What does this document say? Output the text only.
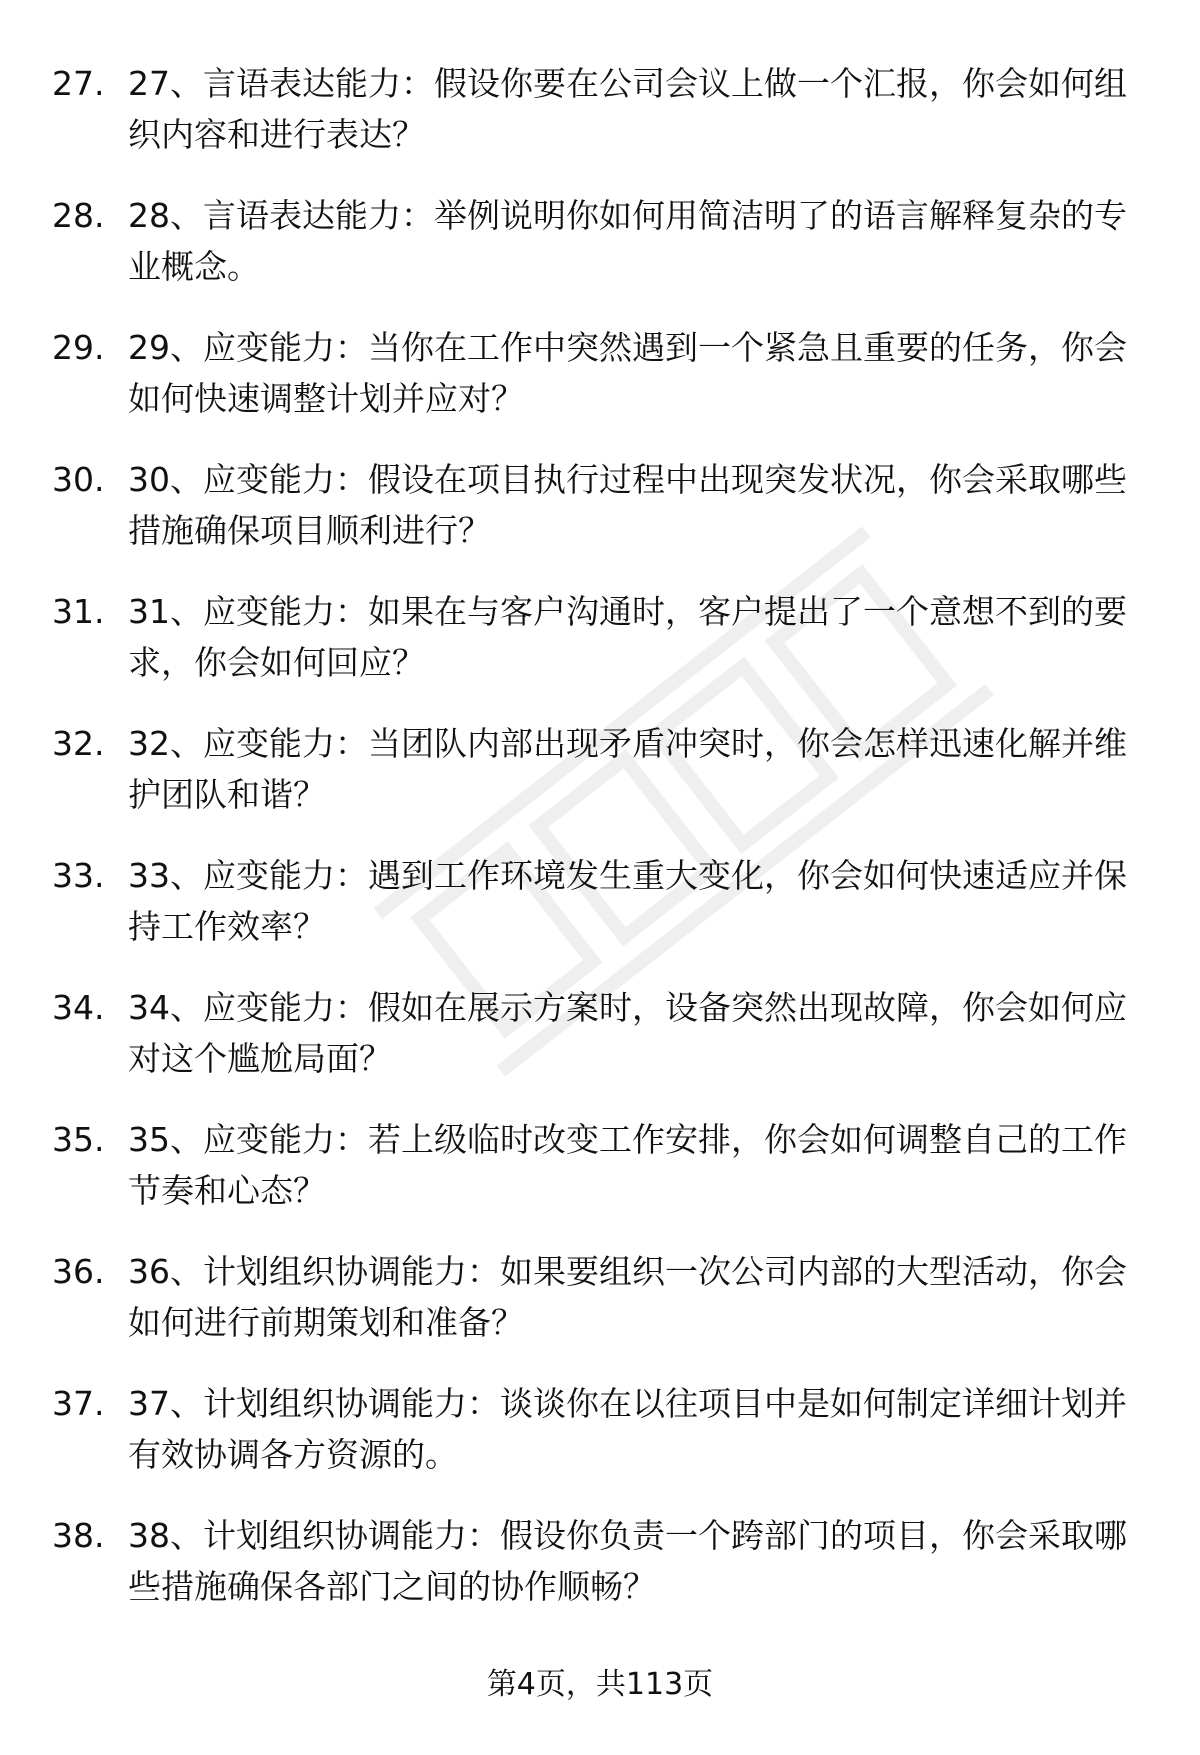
27. 27、言语表达能力：假设你要在公司会议上做一个汇报，你会如何组织内容和进行表达？
28. 28、言语表达能力：举例说明你如何用简洁明了的语言解释复杂的专业概念。
29. 29、应变能力：当你在工作中突然遇到一个紧急且重要的任务，你会如何快速调整计划并应对？
30. 30、应变能力：假设在项目执行过程中出现突发状况，你会采取哪些措施确保项目顺利进行？
31. 31、应变能力：如果在与客户沟通时，客户提出了一个意想不到的要求，你会如何回应？
32. 32、应变能力：当团队内部出现矛盾冲突时，你会怎样迅速化解并维护团队和谐？
33. 33、应变能力：遇到工作环境发生重大变化，你会如何快速适应并保持工作效率？
34. 34、应变能力：假如在展示方案时，设备突然出现故障，你会如何应对这个尴尬局面？
35. 35、应变能力：若上级临时改变工作安排，你会如何调整自己的工作节奏和心态？
36. 36、计划组织协调能力：如果要组织一次公司内部的大型活动，你会如何进行前期策划和准备？
37. 37、计划组织协调能力：谈谈你在以往项目中是如何制定详细计划并有效协调各方资源的。
38. 38、计划组织协调能力：假设你负责一个跨部门的项目，你会采取哪些措施确保各部门之间的协作顺畅？
第4页，共113页
